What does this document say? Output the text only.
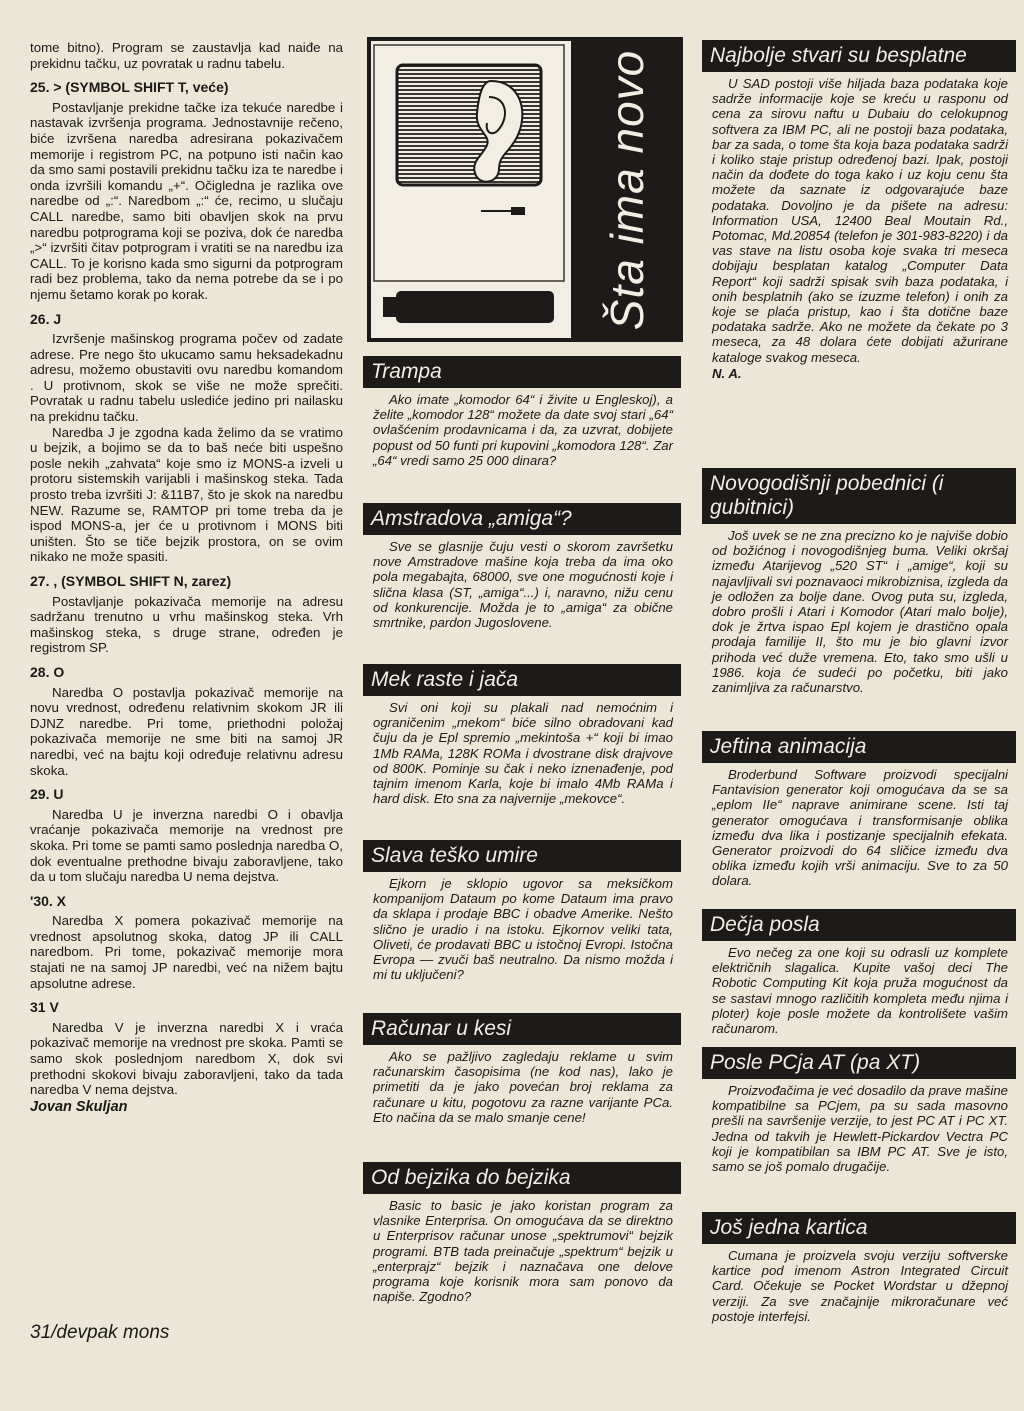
tome bitno). Program se zaustavlja kad naiđe na prekidnu tačku, uz povratak u radnu tabelu.

25. > (SYMBOL SHIFT T, veće)

Postavljanje prekidne tačke iza tekuće naredbe i nastavak izvršenja programa. Jednostavnije rečeno, biće izvršena naredba adresirana pokazivačem memorije i registrom PC, na potpuno isti način kao da smo sami postavili prekidnu tačku iza te naredbe i onda izvršili komandu „+“. Očigledna je razlika ove naredbe od „:“. Naredbom „:“ će, recimo, u slučaju CALL naredbe, samo biti obavljen skok na prvu naredbu potprograma koji se poziva, dok će naredba „>“ izvršiti čitav potprogram i vratiti se na naredbu iza CALL. To je korisno kada smo sigurni da potprogram radi bez problema, tako da nema potrebe da se i po njemu šetamo korak po korak.

26. J

Izvršenje mašinskog programa počev od zadate adrese. Pre nego što ukucamo samu heksadekadnu adresu, možemo obustaviti ovu naredbu komandom . U protivnom, skok se više ne može sprečiti. Povratak u radnu tabelu uslediće jedino pri nailasku na prekidnu tačku.

Naredba J je zgodna kada želimo da se vratimo u bejzik, a bojimo se da to baš neće biti uspešno posle nekih „zahvata“ koje smo iz MONS-a izveli u protoru sistemskih varijabli i mašinskog steka. Tada prosto treba izvršiti J: &11B7, što je skok na naredbu NEW. Razume se, RAMTOP pri tome treba da je ispod MONS-a, jer će u protivnom i MONS biti uništen. Što se tiče bejzik prostora, on se ovim nikako ne može spasiti.

27. , (SYMBOL SHIFT N, zarez)

Postavljanje pokazivača memorije na adresu sadržanu trenutno u vrhu mašinskog steka. Vrh mašinskog steka, s druge strane, određen je registrom SP.

28. O

Naredba O postavlja pokazivač memorije na novu vrednost, određenu relativnim skokom JR ili DJNZ naredbe. Pri tome, priethodni položaj pokazivača memorije ne sme biti na samoj JR naredbi, već na bajtu koji određuje relativnu adresu skoka.

29. U

Naredba U je inverzna naredbi O i obavlja vraćanje pokazivača memorije na vrednost pre skoka. Pri tome se pamti samo poslednja naredba O, dok eventualne prethodne bivaju zaboravljene, tako da u tom slučaju naredba U nema dejstva.

'30. X

Naredba X pomera pokazivač memorije na vrednost apsolutnog skoka, datog JP ili CALL naredbom. Pri tome, pokazivač memorije mora stajati ne na samoj JP naredbi, već na nižem bajtu apsolutne adrese.

31 V

Naredba V je inverzna naredbi X i vraća pokazivač memorije na vrednost pre skoka. Pamti se samo skok poslednjom naredbom X, dok svi prethodni skokovi bivaju zaboravljeni, tako da tada naredba V nema dejstva.

Jovan Skuljan
31/devpak mons
Šta ima novo
Trampa

Ako imate „komodor 64“ i živite u Engleskoj), a želite „komodor 128“ možete da date svoj stari „64“ ovlašćenim prodavnicama i da, za uzvrat, dobijete popust od 50 funti pri kupovini „komodora 128“. Zar „64“ vredi samo 25 000 dinara?

Amstradova „amiga“?

Sve se glasnije čuju vesti o skorom završetku nove Amstradove mašine koja treba da ima oko pola megabajta, 68000, sve one mogućnosti koje i slična klasa (ST, „amiga“...) i, naravno, nižu cenu od konkurencije. Možda je to „amiga“ za obične smrtnike, pardon Jugoslovene.

Mek raste i jača

Svi oni koji su plakali nad nemoćnim i ograničenim „mekom“ biće silno obradovani kad čuju da je Epl spremio „mekintoša +“ koji bi imao 1Mb RAMa, 128K ROMa i dvostrane disk drajvove od 800K. Pominje su čak i neko iznenađenje, pod tajnim imenom Karla, koje bi imalo 4Mb RAMa i hard disk. Eto sna za najvernije „mekovce“.

Slava teško umire

Ejkorn je sklopio ugovor sa meksičkom kompanijom Dataum po kome Dataum ima pravo da sklapa i prodaje BBC i obadve Amerike. Nešto slično je uradio i na istoku. Ejkornov veliki tata, Oliveti, će prodavati BBC u istočnoj Evropi. Istočna Evropa — zvuči baš neutralno. Da nismo možda i mi tu uključeni?

Računar u kesi

Ako se pažljivo zagledaju reklame u svim računarskim časopisima (ne kod nas), lako je primetiti da je jako povećan broj reklama za računare u kitu, pogotovu za razne varijante PCa. Eto načina da se malo smanje cene!

Od bejzika do bejzika

Basic to basic je jako koristan program za vlasnike Enterprisa. On omogućava da se direktno u Enterprisov računar unose „spektrumovi“ bejzik programi. BTB tada preinačuje „spektrum“ bejzik u „enterprajz“ bejzik i naznačava one delove programa koje korisnik mora sam ponovo da napiše. Zgodno?

Najbolje stvari su besplatne

U SAD postoji više hiljada baza podataka koje sadrže informacije koje se kreću u rasponu od cena za sirovu naftu u Dubaiu do celokupnog softvera za IBM PC, ali ne postoji baza podataka, bar za sada, o tome šta koja baza podataka sadrži i koliko staje pristup određenoj bazi. Ipak, postoji način da dođete do toga kako i uz koju cenu šta možete da saznate iz odgovarajuće baze podataka. Dovoljno je da pišete na adresu: Information USA, 12400 Beal Moutain Rd., Potomac, Md.20854 (telefon je 301-983-8220) i da vas stave na listu osoba koje svaka tri meseca dobijaju besplatan katalog „Computer Data Report“ koji sadrži spisak svih baza podataka, i onih besplatnih (ako se izuzme telefon) i onih za koje se plaća pristup, kao i šta dotične baze podataka sadrže. Ako ne možete da čekate po 3 meseca, za 48 dolara ćete dobijati ažurirane kataloge svakog meseca.

N. A.

Novogodišnji pobednici (i gubitnici)

Još uvek se ne zna precizno ko je najviše dobio od božićnog i novogodišnjeg buma. Veliki okršaj između Atarijevog „520 ST“ i „amige“, koji su najavljivali svi poznavaoci mikrobiznisa, izgleda da je odložen za bolje dane. Ovog puta su, izgleda, dobro prošli i Atari i Komodor (Atari malo bolje), dok je žrtva ispao Epl kojem je drastično opala prodaja familije II, što mu je bio glavni izvor prihoda već duže vremena. Eto, tako smo ušli u 1986. koja će sudeći po početku, biti jako zanimljiva za računarstvo.

Jeftina animacija

Broderbund Software proizvodi specijalni Fantavision generator koji omogućava da se sa „eplom IIe“ naprave animirane scene. Isti taj generator omogućava i transformisanje oblika između dva lika i postizanje specijalnih efekata. Generator proizvodi do 64 sličice između dva oblika između kojih vrši animaciju. Sve to za 50 dolara.

Dečja posla

Evo nečeg za one koji su odrasli uz komplete električnih slagalica. Kupite vašoj deci The Robotic Computing Kit koja pruža mogućnost da se sastavi mnogo različitih kompleta među njima i ploter) koje posle možete da kontrolišete vašim računarom.

Posle PCja AT (pa XT)

Proizvođačima je već dosadilo da prave mašine kompatibilne sa PCjem, pa su sada masovno prešli na savršenije verzije, to jest PC AT i PC XT. Jedna od takvih je Hewlett-Pickardov Vectra PC koji je kompatibilan sa IBM PC AT. Sve je isto, samo se još pomalo drugačije.

Još jedna kartica

Cumana je proizvela svoju verziju softverske kartice pod imenom Astron Integrated Circuit Card. Očekuje se Pocket Wordstar u džepnoj verziji. Za sve značajnije mikroračunare već postoje interfejsi.
